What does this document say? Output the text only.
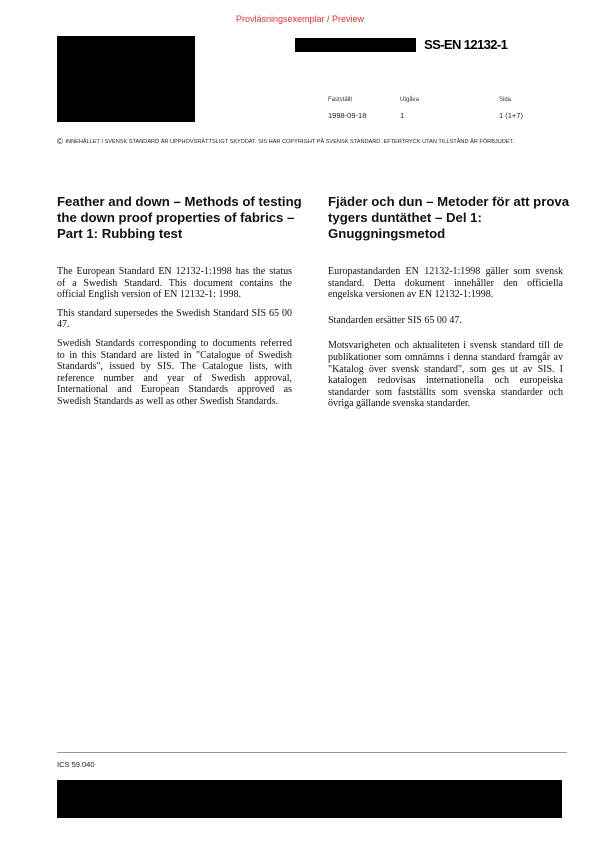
Provläsningsexemplar / Preview
SS-EN 12132-1
Fastställt	Utgåva	Sida
1998-09-18	1	1 (1+7)
© INNEHÅLLET I SVENSK STANDARD ÄR UPPHOVSRÄTTSLIGT SKYDDAT. SIS HAR COPYRIGHT PÅ SVENSK STANDARD. EFTERTRYCK UTAN TILLSTÅND ÄR FÖRBJUDET.
Feather and down – Methods of testing the down proof properties of fabrics – Part 1: Rubbing test
Fjäder och dun – Metoder för att prova tygers duntäthet – Del 1: Gnuggningsmetod

The European Standard EN 12132-1:1998 has the status of a Swedish Standard. This document contains the official English version of EN 12132-1: 1998.

This standard supersedes the Swedish Standard SIS 65 00 47.

Swedish Standards corresponding to documents referred to in this Standard are listed in "Catalogue of Swedish Standards", issued by SIS. The Catalogue lists, with reference number and year of Swedish approval, International and European Standards approved as Swedish Standards as well as other Swedish Standards.

Europastandarden EN 12132-1:1998 gäller som svensk standard. Detta dokument innehåller den officiella engelska versionen av EN 12132-1:1998.

Standarden ersätter SIS 65 00 47.

Motsvarigheten och aktualiteten i svensk standard till de publikationer som omnämns i denna standard framgår av "Katalog över svensk standard", som ges ut av SIS. I katalogen redovisas internationella och europeiska standarder som fastställts som svenska standarder och övriga gällande svenska standarder.

ICS 59.040
